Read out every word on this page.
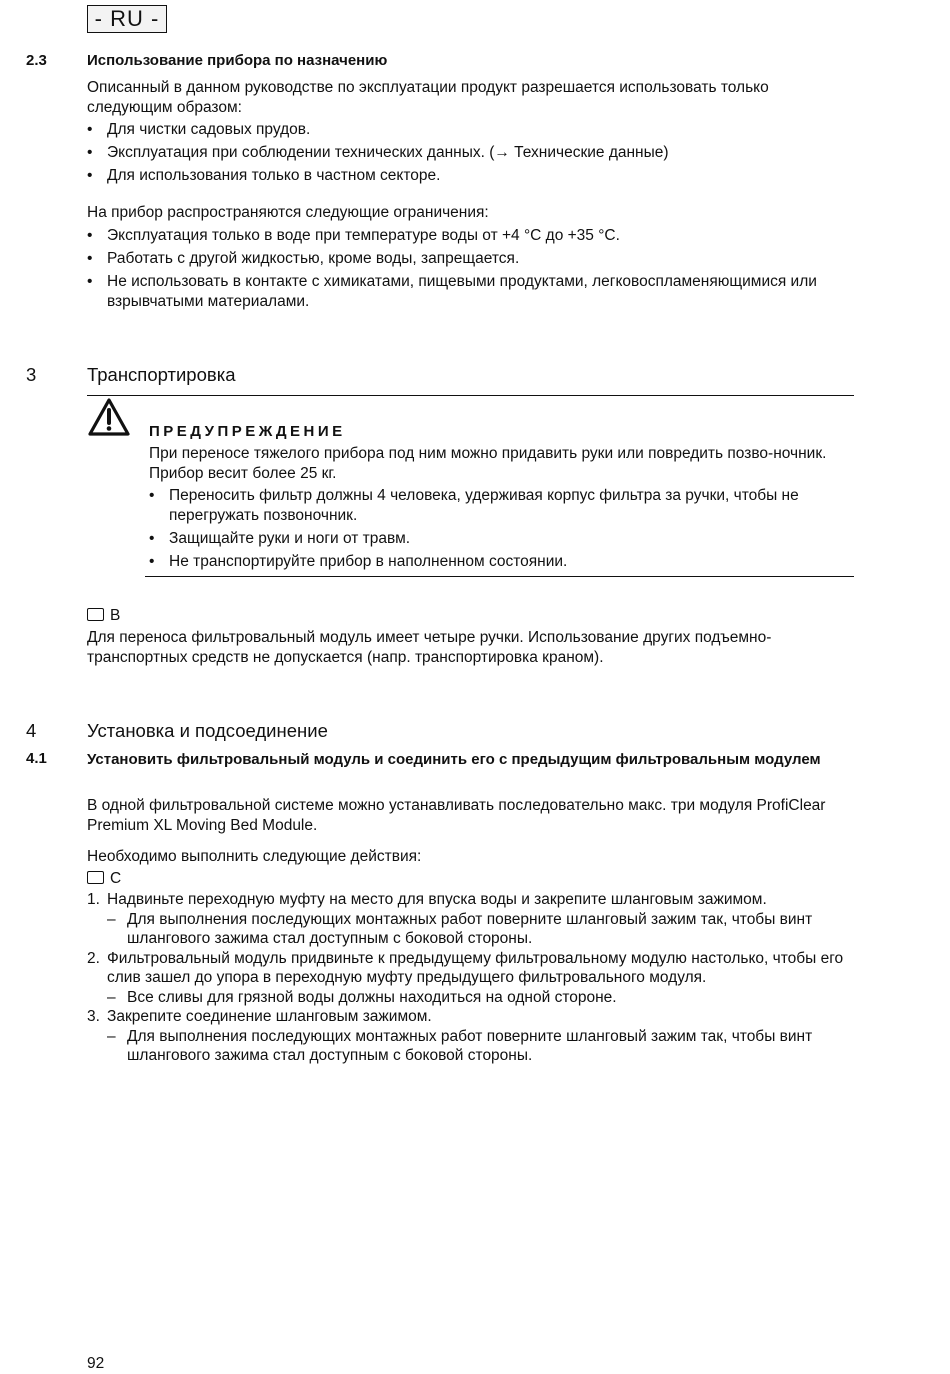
- RU -
2.3	Использование прибора по назначению
Описанный в данном руководстве по эксплуатации продукт разрешается использовать только следующим образом:
• Для чистки садовых прудов.
• Эксплуатация при соблюдении технических данных. (→ Технические данные)
• Для использования только в частном секторе.
На прибор распространяются следующие ограничения:
• Эксплуатация только в воде при температуре воды от +4 °C до +35 °C.
• Работать с другой жидкостью, кроме воды, запрещается.
• Не использовать в контакте с химикатами, пищевыми продуктами, легковоспламеняющимися или взрывчатыми материалами.
3	Транспортировка
ПРЕДУПРЕЖДЕНИЕ
При переносе тяжелого прибора под ним можно придавить руки или повредить позво-ночник. Прибор весит более 25 кг.
• Переносить фильтр должны 4 человека, удерживая корпус фильтра за ручки, чтобы не перегружать позвоночник.
• Защищайте руки и ноги от травм.
• Не транспортируйте прибор в наполненном состоянии.
B
Для переноса фильтровальный модуль имеет четыре ручки. Использование других подъемно-транспортных средств не допускается (напр. транспортировка краном).
4	Установка и подсоединение
4.1	Установить фильтровальный модуль и соединить его с предыдущим фильтровальным модулем
В одной фильтровальной системе можно устанавливать последовательно макс. три модуля ProfiClear Premium XL Moving Bed Module.
Необходимо выполнить следующие действия:
C
1. Надвиньте переходную муфту на место для впуска воды и закрепите шланговым зажимом.
– Для выполнения последующих монтажных работ поверните шланговый зажим так, чтобы винт шлангового зажима стал доступным с боковой стороны.
2. Фильтровальный модуль придвиньте к предыдущему фильтровальному модулю настолько, чтобы его слив зашел до упора в переходную муфту предыдущего фильтровального модуля.
– Все сливы для грязной воды должны находиться на одной стороне.
3. Закрепите соединение шланговым зажимом.
– Для выполнения последующих монтажных работ поверните шланговый зажим так, чтобы винт шлангового зажима стал доступным с боковой стороны.
92
